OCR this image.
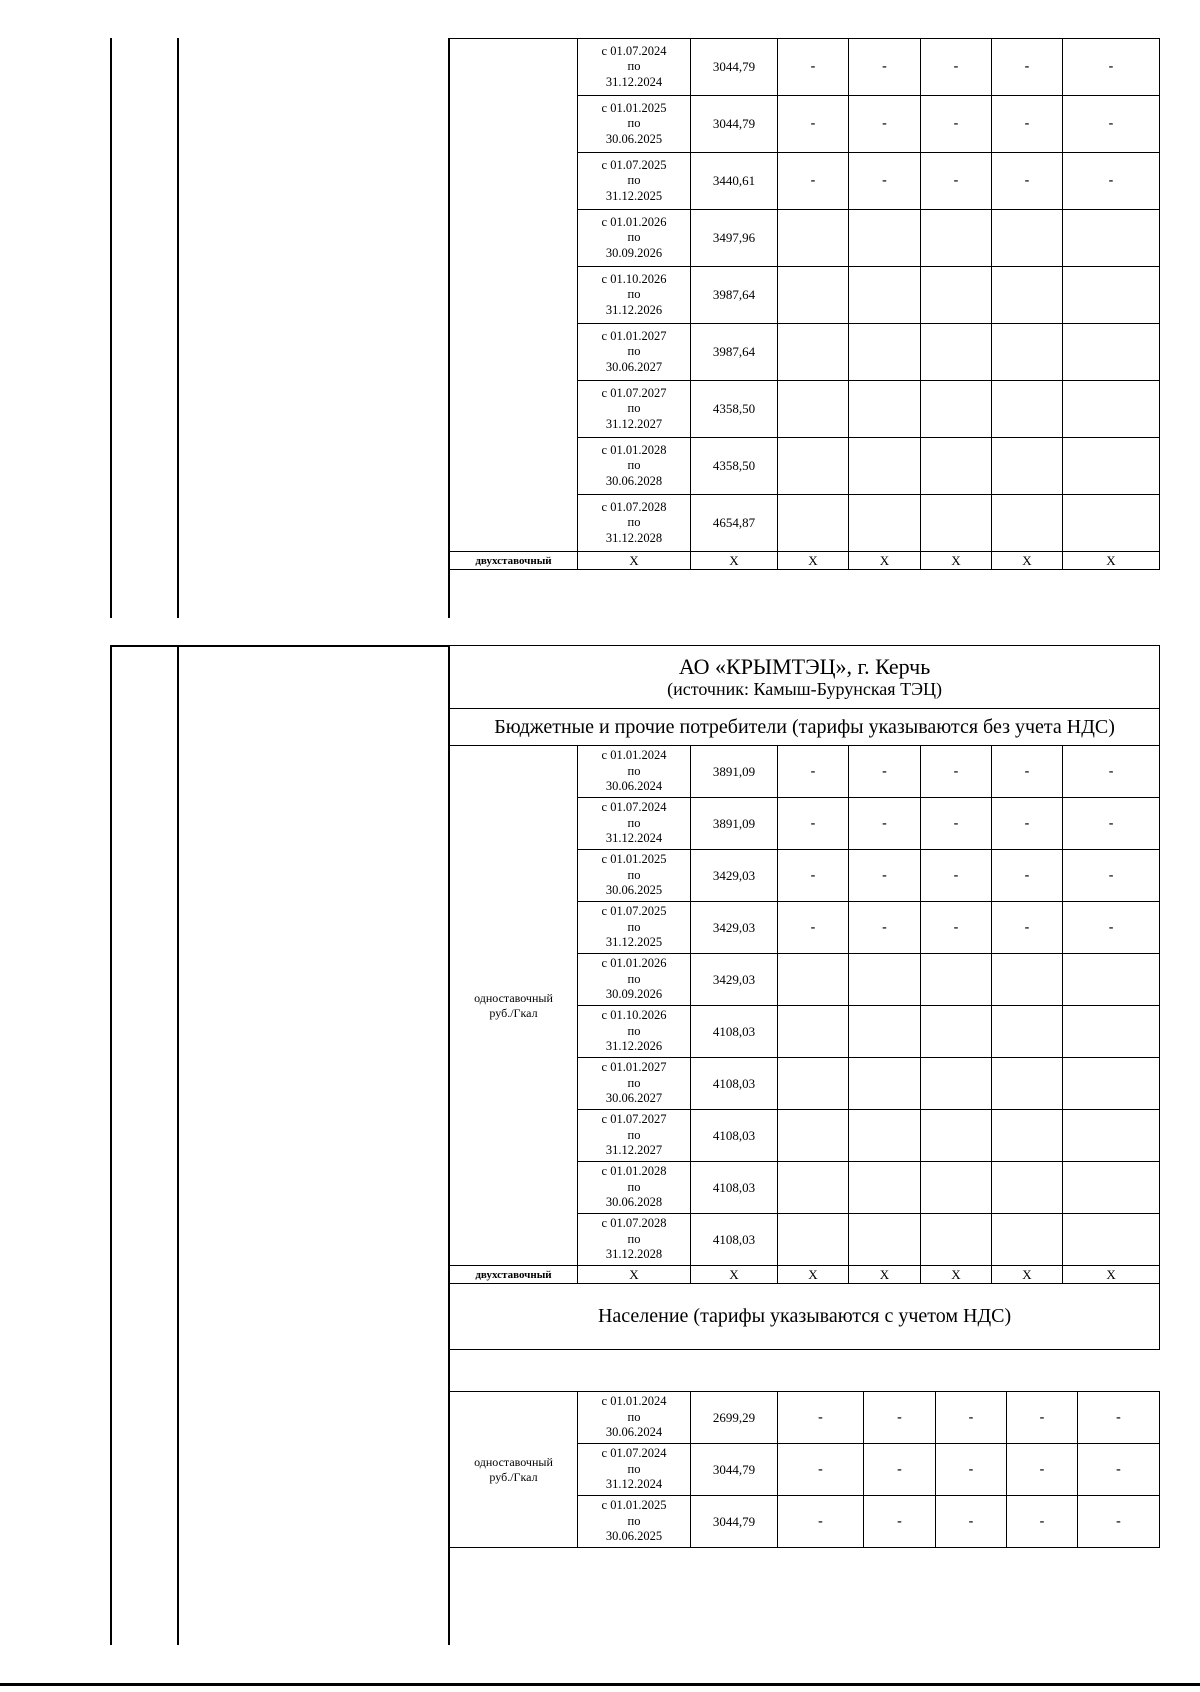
	с 01.07.2024
по
31.12.2024	3044,79	-	-	-	-	-

	с 01.01.2025
по
30.06.2025	3044,79	-	-	-	-	-

	с 01.07.2025
по
31.12.2025	3440,61	-	-	-	-	-

	с 01.01.2026
по
30.09.2026	3497,96					

	с 01.10.2026
по
31.12.2026	3987,64					

	с 01.01.2027
по
30.06.2027	3987,64					

	с 01.07.2027
по
31.12.2027	4358,50					

	с 01.01.2028
по
30.06.2028	4358,50					

	с 01.07.2028
по
31.12.2028	4654,87					
двухставочный	Х	Х	Х	Х	Х	Х	Х
АО «КРЫМТЭЦ», г. Керчь
(источник: Камыш-Бурунская ТЭЦ)							

Бюджетные и прочие потребители (тарифы указываются без учета НДС)							

одноставочный
руб./Гкал	с 01.01.2024
по
30.06.2024	3891,09	-	-	-	-	-

	с 01.07.2024
по
31.12.2024	3891,09	-	-	-	-	-

	с 01.01.2025
по
30.06.2025	3429,03	-	-	-	-	-

	с 01.07.2025
по
31.12.2025	3429,03	-	-	-	-	-

	с 01.01.2026
по
30.09.2026	3429,03					

	с 01.10.2026
по
31.12.2026	4108,03					

	с 01.01.2027
по
30.06.2027	4108,03					

	с 01.07.2027
по
31.12.2027	4108,03					

	с 01.01.2028
по
30.06.2028	4108,03					

	с 01.07.2028
по
31.12.2028	4108,03					
двухставочный	Х	Х	Х	Х	Х	Х	Х
Население (тарифы указываются с учетом НДС)							
одноставочный
руб./Гкал	с 01.01.2024
по
30.06.2024	2699,29	-	-	-	-	-

	с 01.07.2024
по
31.12.2024	3044,79	-	-	-	-	-

	с 01.01.2025
по
30.06.2025	3044,79	-	-	-	-	-
